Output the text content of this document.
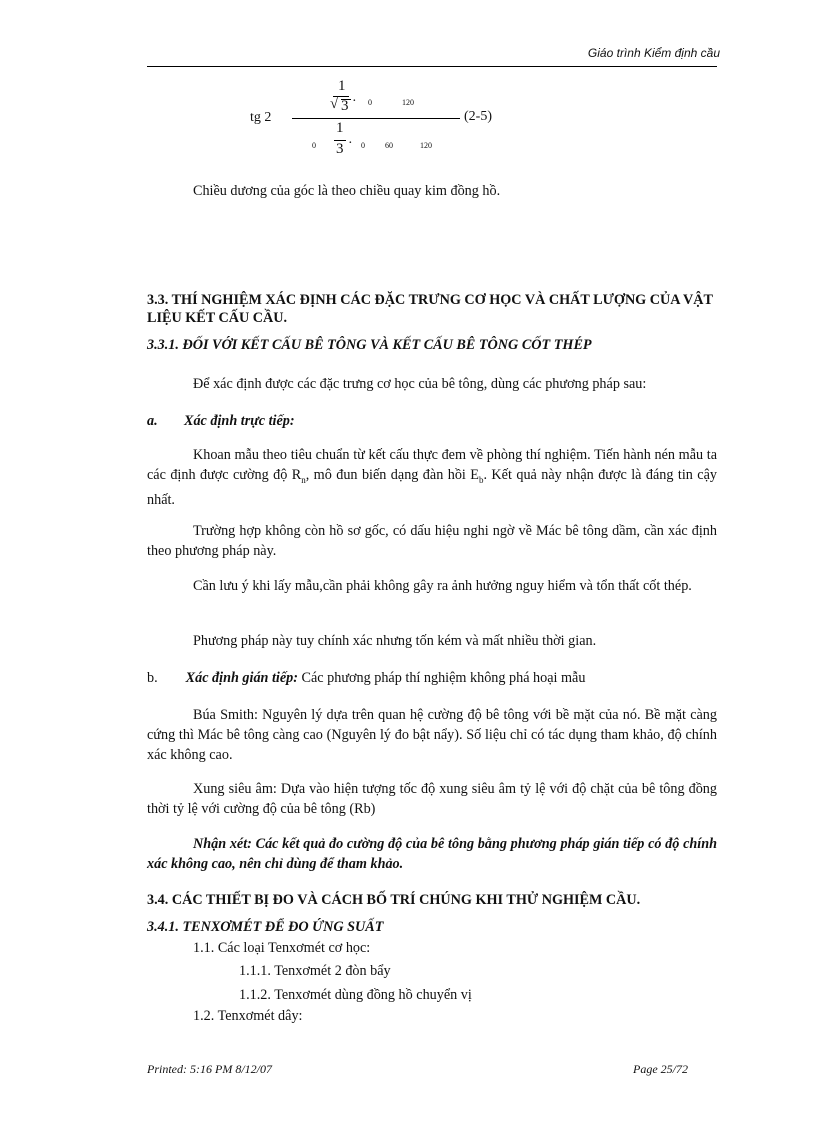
Giáo trình Kiểm định cầu
tg 2
1
√ 3 · 0	120
(2-5)
0
1
3 · 0	60	120

Chiều dương của góc là theo chiều quay kim đồng hồ.

3.3. THÍ NGHIỆM XÁC ĐỊNH CÁC ĐẶC TRƯNG CƠ HỌC VÀ CHẤT LƯỢNG CỦA VẬT LIỆU KẾT CẤU CẦU.

3.3.1. ĐỐI VỚI KẾT CẤU BÊ TÔNG VÀ KẾT CẤU BÊ TÔNG CỐT THÉP

Để xác định được các đặc trưng cơ học của bê tông, dùng các phương pháp sau:

a. Xác định trực tiếp:

Khoan mẫu theo tiêu chuẩn từ kết cấu thực đem về phòng thí nghiệm. Tiến hành nén mẫu ta các định được cường độ $R_n$, mô đun biến dạng đàn hồi $E_b$. Kết quả này nhận được là đáng tin cậy nhất.

Trường hợp không còn hồ sơ gốc, có dấu hiệu nghi ngờ về Mác bê tông dầm, cần xác định theo phương pháp này.

Cần lưu ý khi lấy mẫu,cần phải không gây ra ảnh hưởng nguy hiểm và tổn thất cốt thép.

Phương pháp này tuy chính xác nhưng tốn kém và mất nhiều thời gian.

b. Xác định gián tiếp: Các phương pháp thí nghiệm không phá hoại mẫu

Búa Smith: Nguyên lý dựa trên quan hệ cường độ bê tông với bề mặt của nó. Bề mặt càng cứng thì Mác bê tông càng cao (Nguyên lý đo bật nẩy). Số liệu chỉ có tác dụng tham khảo, độ chính xác không cao.

Xung siêu âm: Dựa vào hiện tượng tốc độ xung siêu âm tỷ lệ với độ chặt của bê tông đồng thời tỷ lệ với cường độ của bê tông (Rb)

Nhận xét: Các kết quả đo cường độ của bê tông bằng phương pháp gián tiếp có độ chính xác không cao, nên chỉ dùng để tham khảo.

3.4. CÁC THIẾT BỊ ĐO VÀ CÁCH BỐ TRÍ CHÚNG KHI THỬ NGHIỆM CẦU.

3.4.1. TENXƠMÉT ĐỂ ĐO ỨNG SUẤT

1.1. Các loại Tenxơmét cơ học:

1.1.1. Tenxơmét 2 đòn bẩy

1.1.2. Tenxơmét dùng đồng hồ chuyển vị

1.2. Tenxơmét dây:

Printed: 5:16 PM 8/12/07	Page 25/72
